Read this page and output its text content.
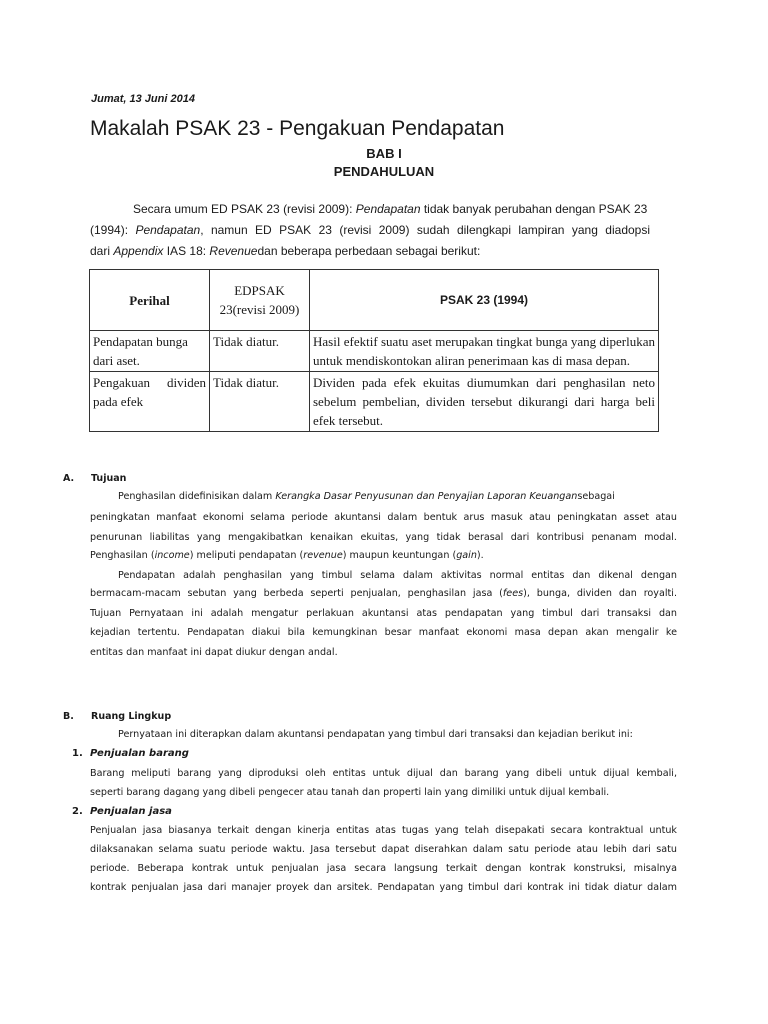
Jumat, 13 Juni 2014
Makalah PSAK 23 - Pengakuan Pendapatan
BAB I
PENDAHULUAN
Secara umum ED PSAK 23 (revisi 2009): Pendapatan tidak banyak perubahan dengan PSAK 23
(1994): Pendapatan, namun ED PSAK 23 (revisi 2009) sudah dilengkapi lampiran yang diadopsi
dari Appendix IAS 18: Revenuedan beberapa perbedaan sebagai berikut:
Perihal	EDPSAK 23(revisi 2009)	PSAK 23 (1994)
Pendapatan bunga dari aset.	Tidak diatur.	Hasil efektif suatu aset merupakan tingkat bunga yang diperlukan untuk mendiskontokan aliran penerimaan kas di masa depan.
Pengakuan dividen pada efek	Tidak diatur.	Dividen pada efek ekuitas diumumkan dari penghasilan neto sebelum pembelian, dividen tersebut dikurangi dari harga beli efek tersebut.
A. Tujuan
Penghasilan didefinisikan dalam Kerangka Dasar Penyusunan dan Penyajian Laporan Keuangansebagai
peningkatan manfaat ekonomi selama periode akuntansi dalam bentuk arus masuk atau peningkatan asset atau
penurunan liabilitas yang mengakibatkan kenaikan ekuitas, yang tidak berasal dari kontribusi penanam modal.
Penghasilan (income) meliputi pendapatan (revenue) maupun keuntungan (gain).
Pendapatan adalah penghasilan yang timbul selama dalam aktivitas normal entitas dan dikenal dengan
bermacam-macam sebutan yang berbeda seperti penjualan, penghasilan jasa (fees), bunga, dividen dan royalti.
Tujuan Pernyataan ini adalah mengatur perlakuan akuntansi atas pendapatan yang timbul dari transaksi dan
kejadian tertentu. Pendapatan diakui bila kemungkinan besar manfaat ekonomi masa depan akan mengalir ke
entitas dan manfaat ini dapat diukur dengan andal.
B. Ruang Lingkup
Pernyataan ini diterapkan dalam akuntansi pendapatan yang timbul dari transaksi dan kejadian berikut ini:
1. Penjualan barang
Barang meliputi barang yang diproduksi oleh entitas untuk dijual dan barang yang dibeli untuk dijual kembali,
seperti barang dagang yang dibeli pengecer atau tanah dan properti lain yang dimiliki untuk dijual kembali.
2. Penjualan jasa
Penjualan jasa biasanya terkait dengan kinerja entitas atas tugas yang telah disepakati secara kontraktual untuk
dilaksanakan selama suatu periode waktu. Jasa tersebut dapat diserahkan dalam satu periode atau lebih dari satu
periode. Beberapa kontrak untuk penjualan jasa secara langsung terkait dengan kontrak konstruksi, misalnya
kontrak penjualan jasa dari manajer proyek dan arsitek. Pendapatan yang timbul dari kontrak ini tidak diatur dalam
